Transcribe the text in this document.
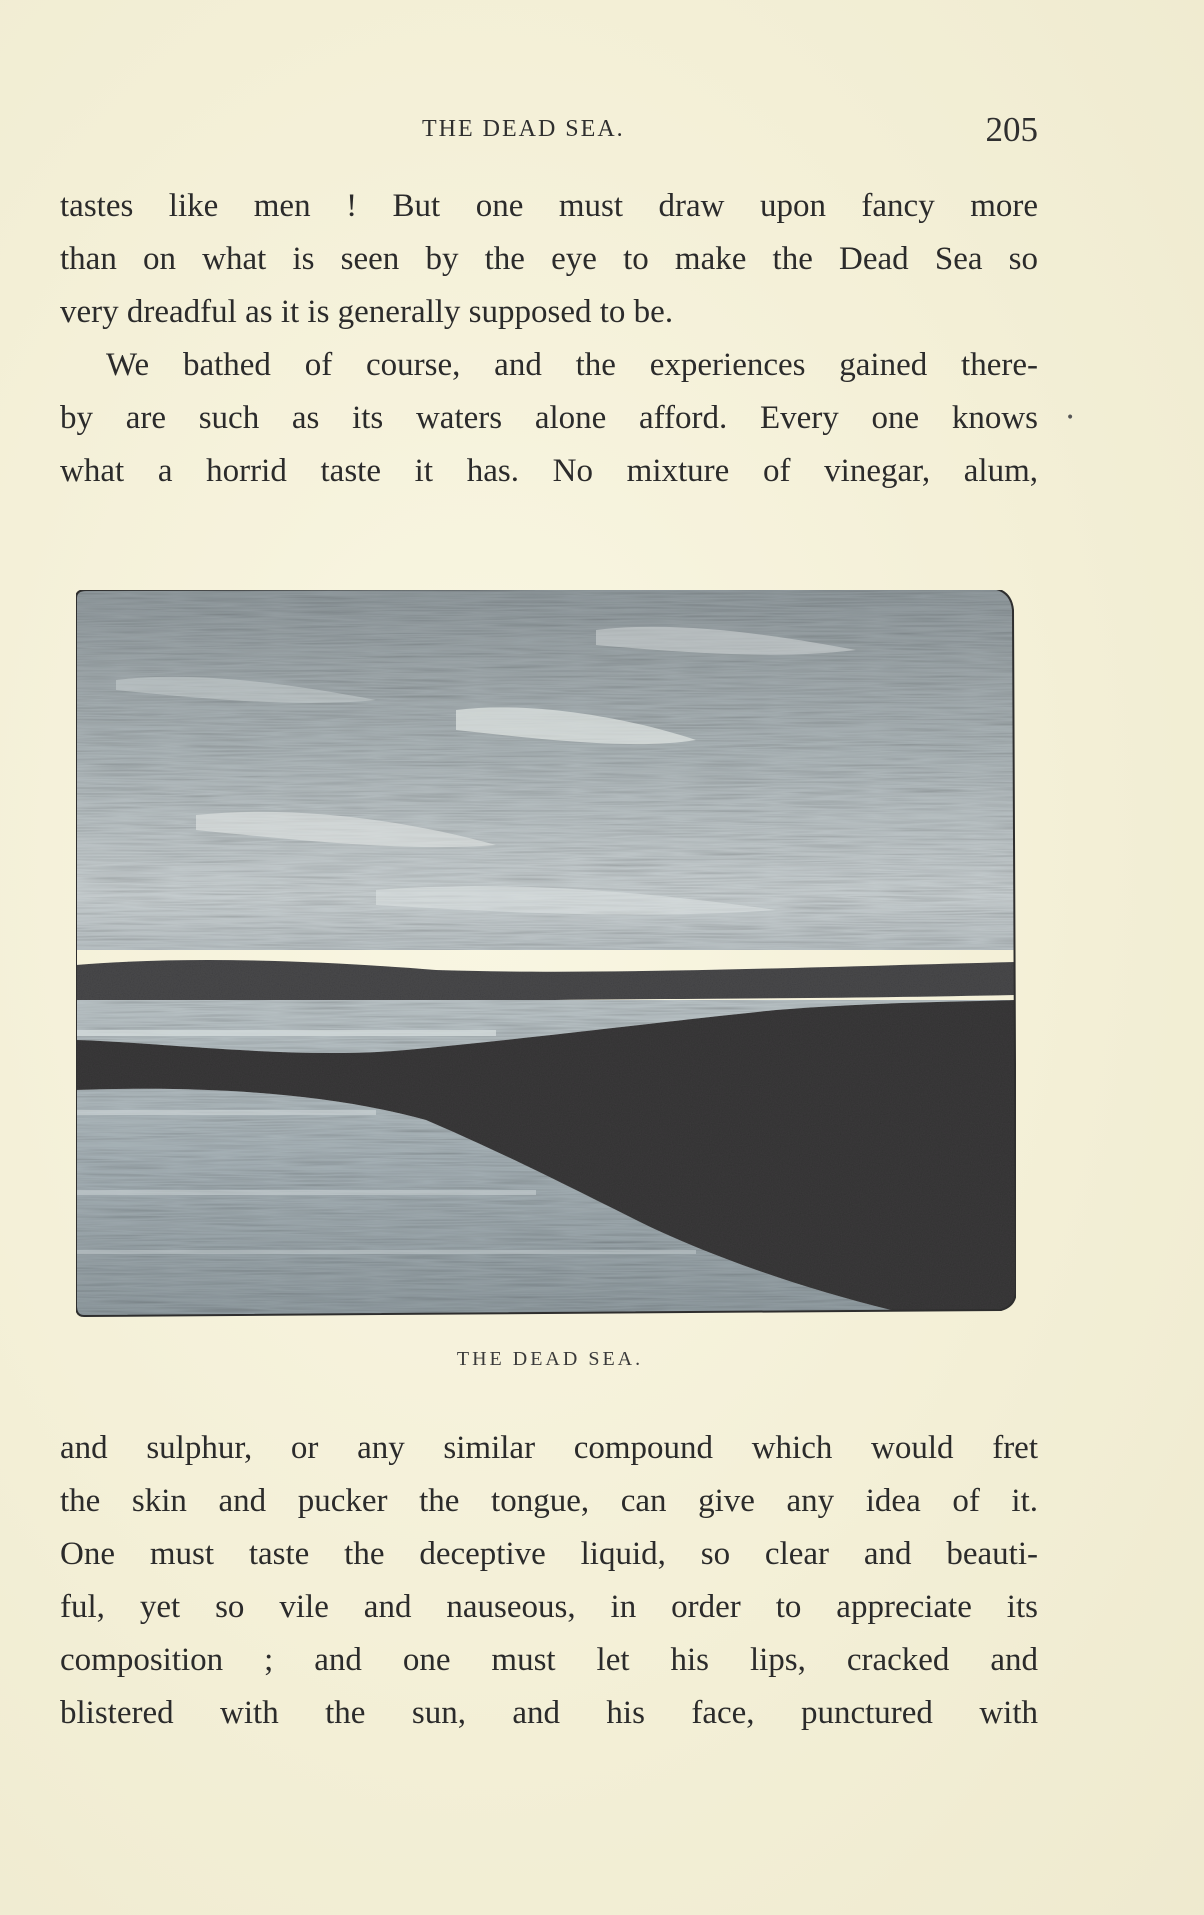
THE DEAD SEA.	205
tastes like men ! But one must draw upon fancy more
than on what is seen by the eye to make the Dead Sea so
very dreadful as it is generally supposed to be.
We bathed of course, and the experiences gained there-
by are such as its waters alone afford. Every one knows
what a horrid taste it has. No mixture of vinegar, alum,
•
THE DEAD SEA.
and sulphur, or any similar compound which would fret
the skin and pucker the tongue, can give any idea of it.
One must taste the deceptive liquid, so clear and beauti-
ful, yet so vile and nauseous, in order to appreciate its
composition ; and one must let his lips, cracked and
blistered with the sun, and his face, punctured with
